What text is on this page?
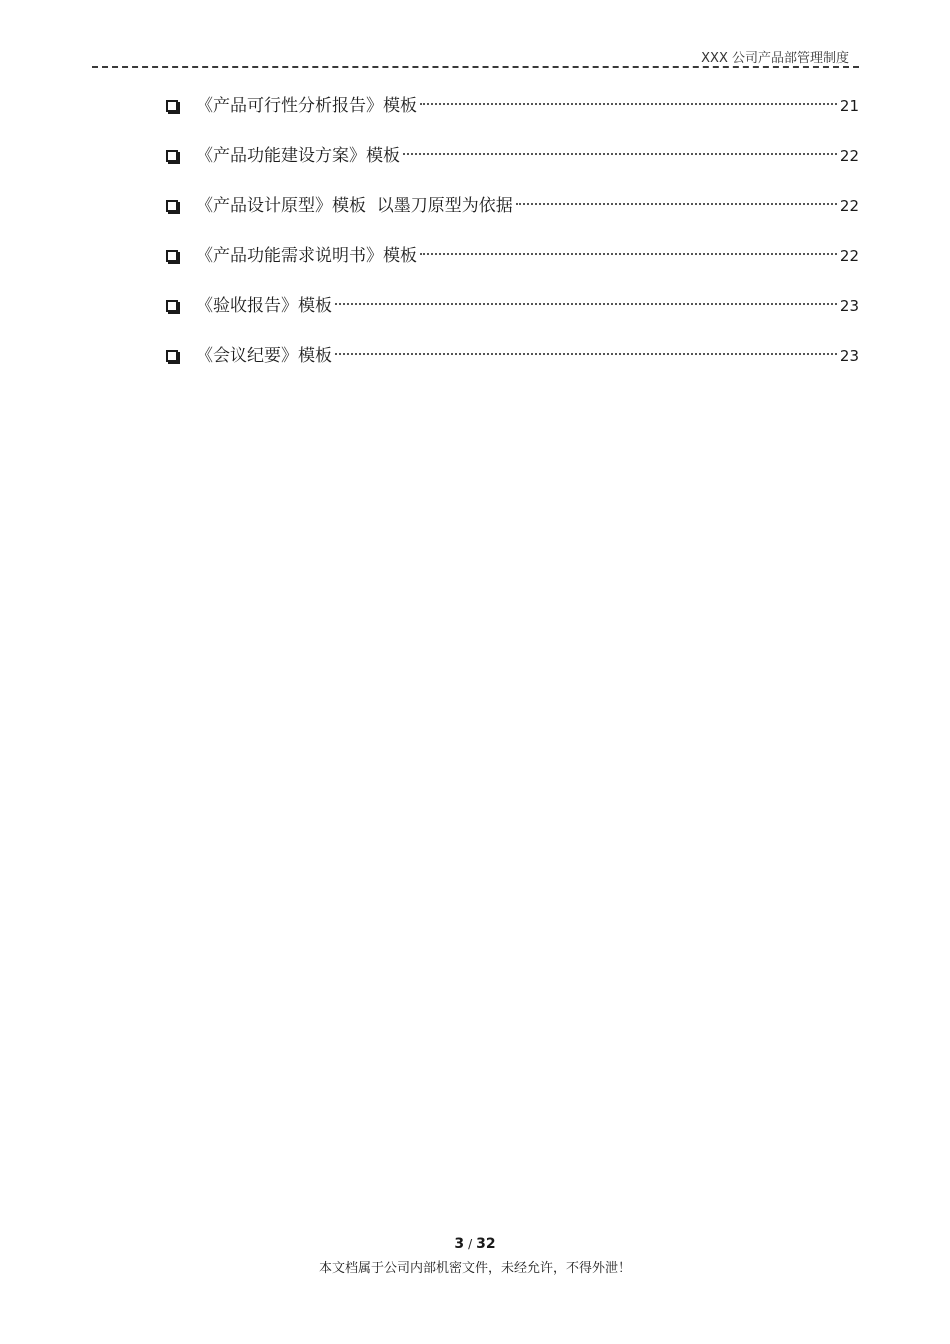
XXX 公司产品部管理制度
《产品可行性分析报告》模板	21
《产品功能建设方案》模板	22
《产品设计原型》模板  以墨刀原型为依据	22
《产品功能需求说明书》模板	22
《验收报告》模板	23
《会议纪要》模板	23
3 / 32
本文档属于公司内部机密文件，未经允许，不得外泄！
